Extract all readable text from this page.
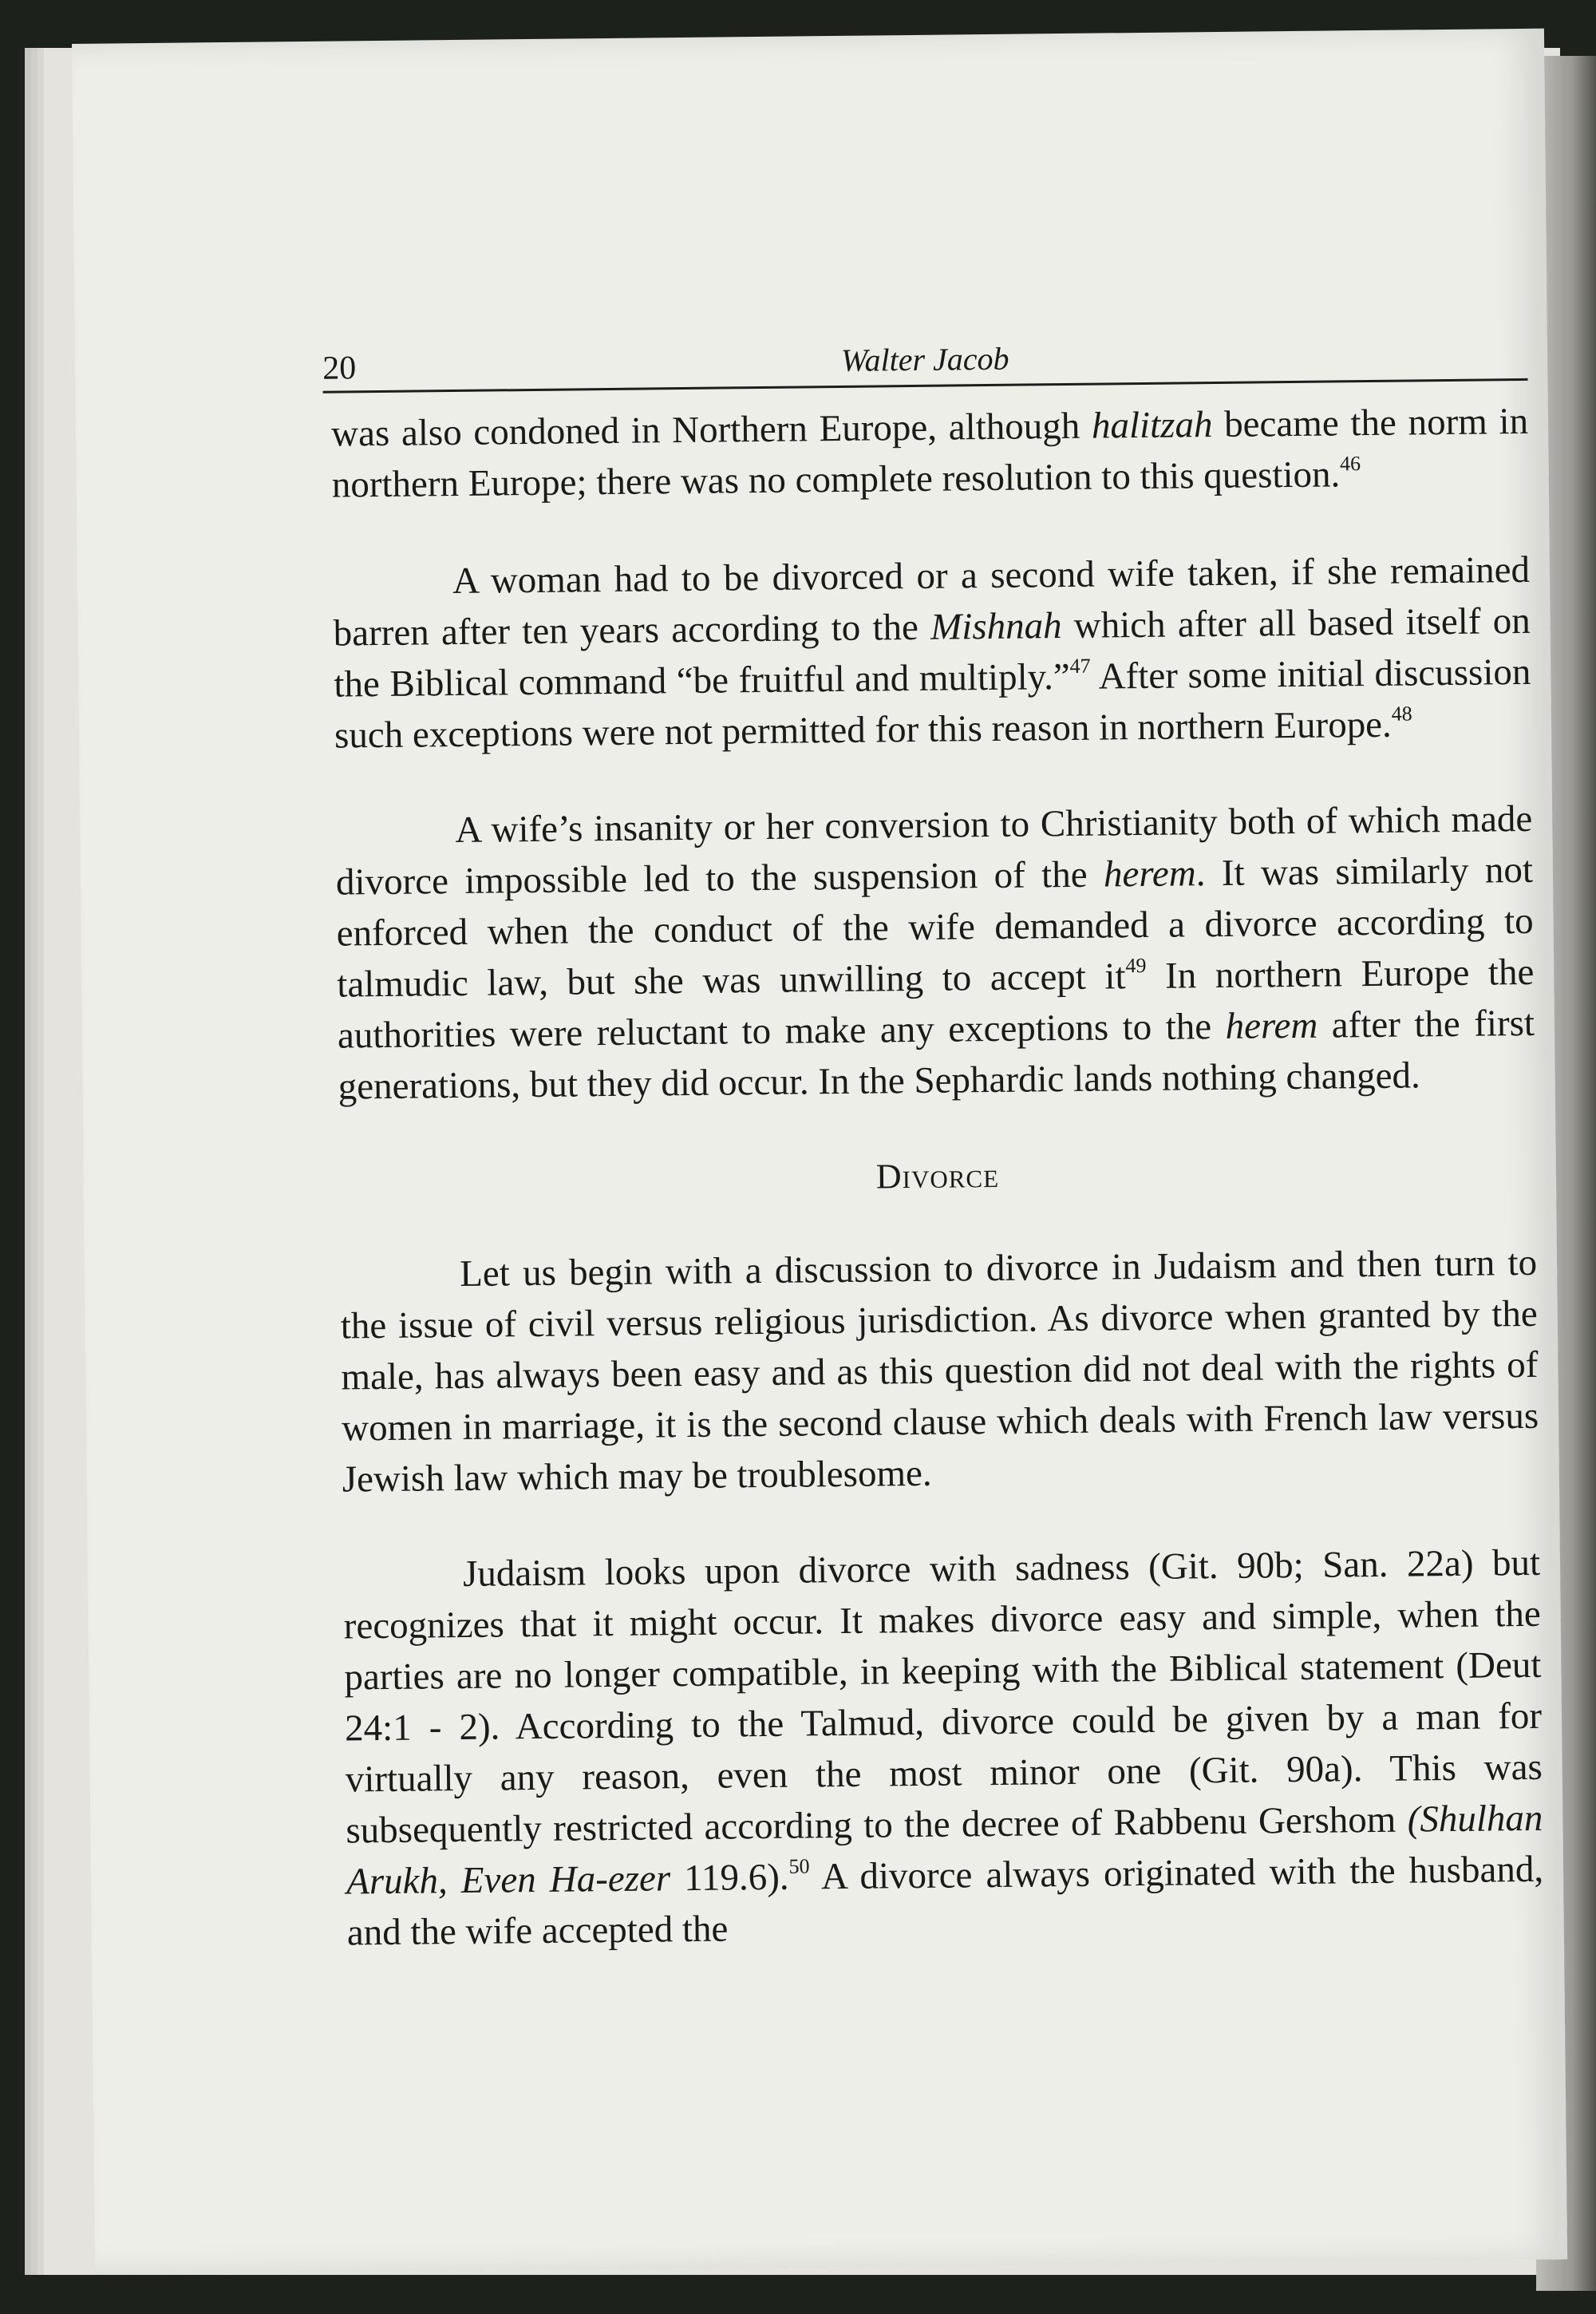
20	Walter Jacob

was also condoned in Northern Europe, although halitzah became the norm in northern Europe; there was no complete resolution to this question.$^{46}$

A woman had to be divorced or a second wife taken, if she remained barren after ten years according to the Mishnah which after all based itself on the Biblical command “be fruitful and multiply.”$^{47}$ After some initial discussion such exceptions were not permitted for this reason in northern Europe.$^{48}$

A wife’s insanity or her conversion to Christianity both of which made divorce impossible led to the suspension of the herem. It was similarly not enforced when the conduct of the wife demanded a divorce according to talmudic law, but she was unwilling to accept $it^{49}$ In northern Europe the authorities were reluctant to make any exceptions to the herem after the first generations, but they did occur. In the Sephardic lands nothing changed.

Divorce

Let us begin with a discussion to divorce in Judaism and then turn to the issue of civil versus religious jurisdiction. As divorce when granted by the male, has always been easy and as this question did not deal with the rights of women in marriage, it is the second clause which deals with French law versus Jewish law which may be troublesome.

Judaism looks upon divorce with sadness (Git. 90b; San. 22a) but recognizes that it might occur. It makes divorce easy and simple, when the parties are no longer compatible, in keeping with the Biblical statement (Deut 24:1 - 2). According to the Talmud, divorce could be given by a man for virtually any reason, even the most minor one (Git. 90a). This was subsequently restricted according to the decree of Rabbenu Gershom (Shulhan Arukh, Even Ha-ezer 119.6).$^{50}$ A divorce always originated with the husband, and the wife accepted the
